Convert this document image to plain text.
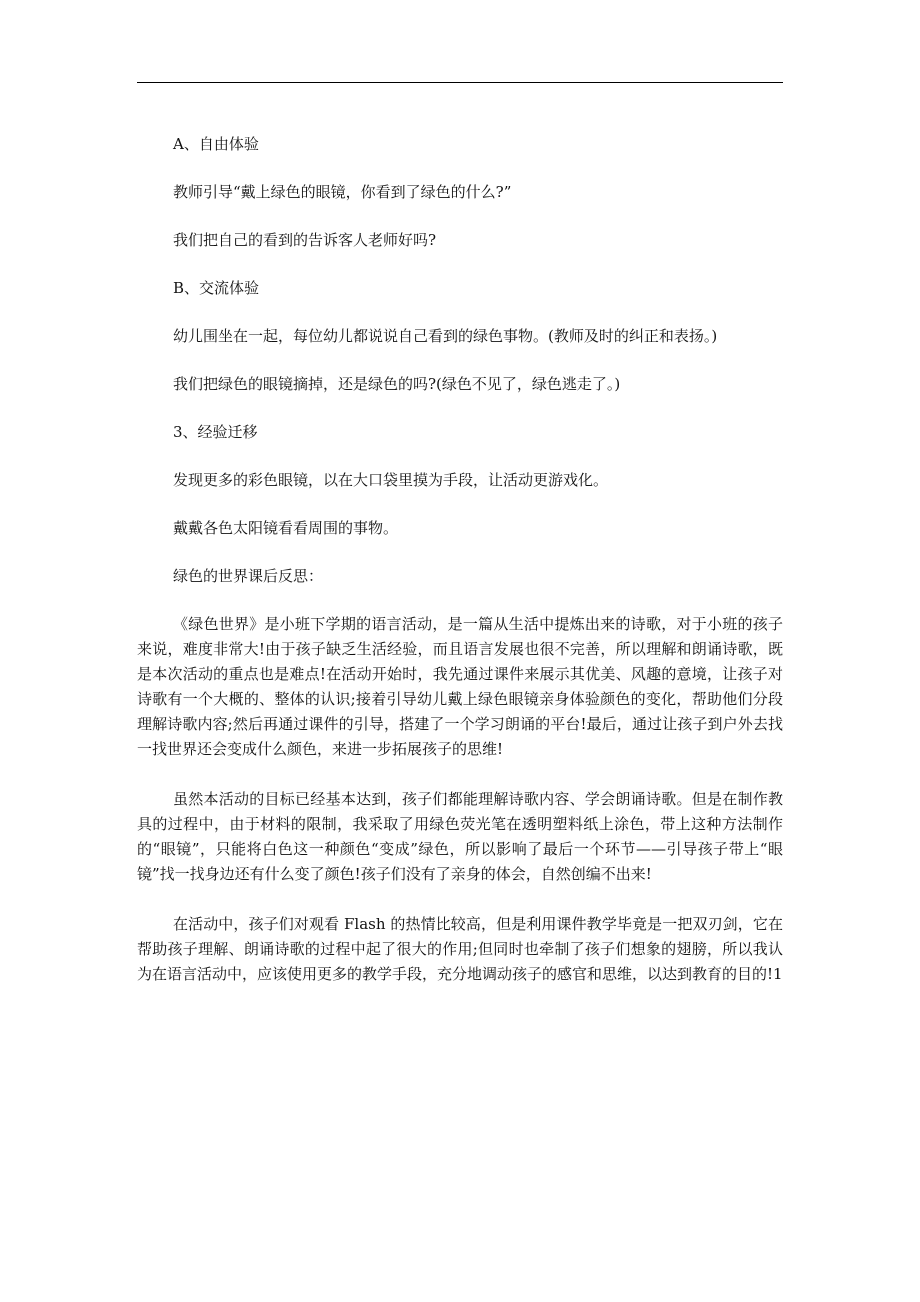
A、自由体验
教师引导“戴上绿色的眼镜，你看到了绿色的什么?”
我们把自己的看到的告诉客人老师好吗?
B、交流体验
幼儿围坐在一起，每位幼儿都说说自己看到的绿色事物。(教师及时的纠正和表扬。)
我们把绿色的眼镜摘掉，还是绿色的吗?(绿色不见了，绿色逃走了。)
3、经验迁移
发现更多的彩色眼镜，以在大口袋里摸为手段，让活动更游戏化。
戴戴各色太阳镜看看周围的事物。
绿色的世界课后反思：

《绿色世界》是小班下学期的语言活动，是一篇从生活中提炼出来的诗歌，对于小班的孩子来说，难度非常大!由于孩子缺乏生活经验，而且语言发展也很不完善，所以理解和朗诵诗歌，既是本次活动的重点也是难点!在活动开始时，我先通过课件来展示其优美、风趣的意境，让孩子对诗歌有一个大概的、整体的认识;接着引导幼儿戴上绿色眼镜亲身体验颜色的变化，帮助他们分段理解诗歌内容;然后再通过课件的引导，搭建了一个学习朗诵的平台!最后，通过让孩子到户外去找一找世界还会变成什么颜色，来进一步拓展孩子的思维!

虽然本活动的目标已经基本达到，孩子们都能理解诗歌内容、学会朗诵诗歌。但是在制作教具的过程中，由于材料的限制，我采取了用绿色荧光笔在透明塑料纸上涂色，带上这种方法制作的“眼镜”，只能将白色这一种颜色“变成”绿色，所以影响了最后一个环节——引导孩子带上“眼镜”找一找身边还有什么变了颜色!孩子们没有了亲身的体会，自然创编不出来!

在活动中，孩子们对观看 Flash 的热情比较高，但是利用课件教学毕竟是一把双刃剑，它在帮助孩子理解、朗诵诗歌的过程中起了很大的作用;但同时也牵制了孩子们想象的翅膀，所以我认为在语言活动中，应该使用更多的教学手段，充分地调动孩子的感官和思维，以达到教育的目的!1
